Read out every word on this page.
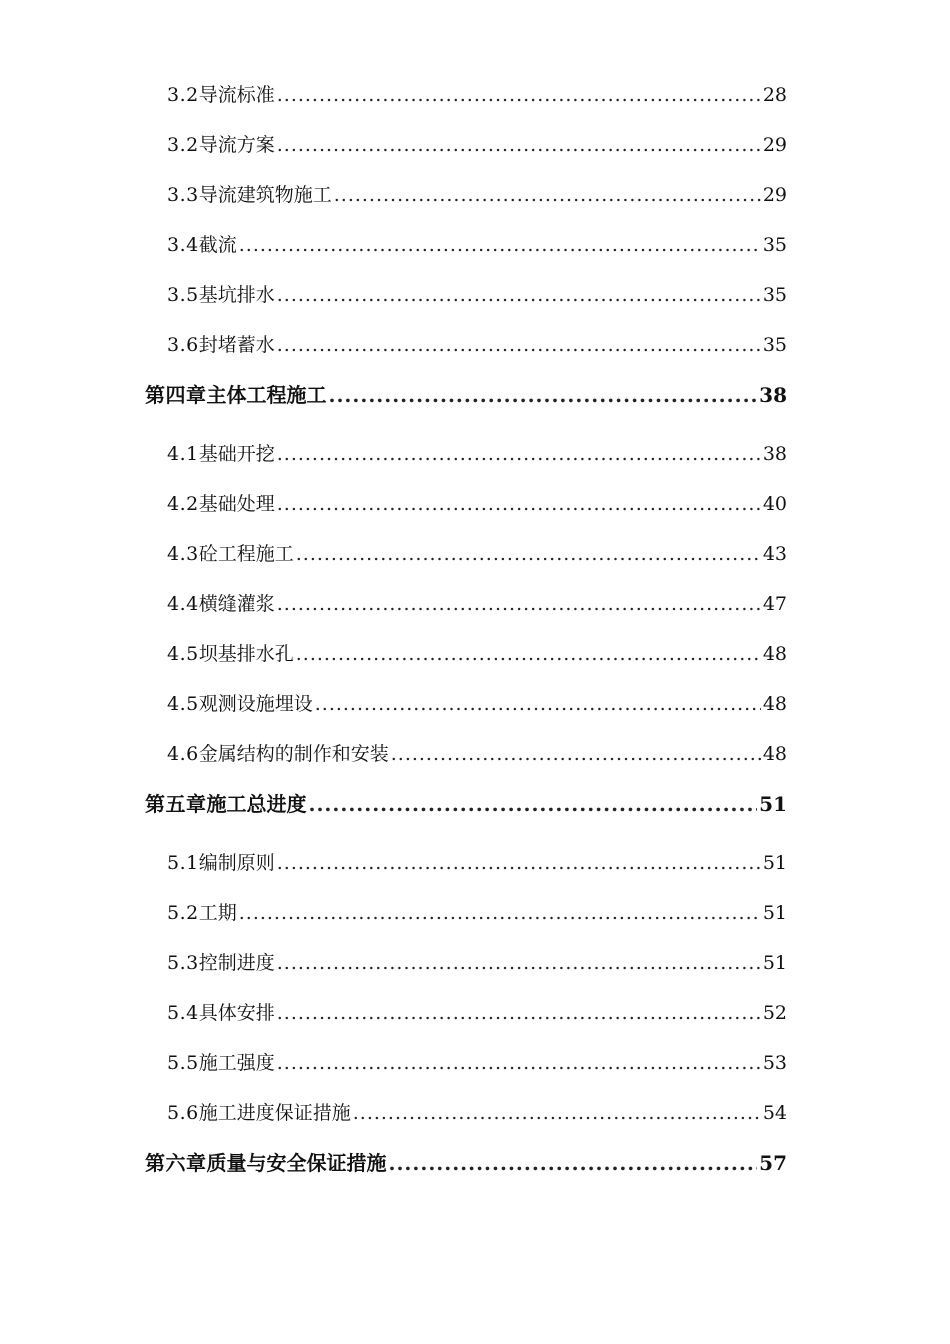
3.2 导流标准 .....	28
3.2 导流方案 .....	29
3.3 导流建筑物施工 .....	29
3.4 截流 .....	35
3.5 基坑排水 .....	35
3.6 封堵蓄水 .....	35
第四章 主体工程施工 .....	38
4.1 基础开挖 .....	38
4.2 基础处理 .....	40
4.3 砼工程施工 .....	43
4.4 横缝灌浆 .....	47
4.5 坝基排水孔 .....	48
4.5 观测设施埋设 .....	48
4.6 金属结构的制作和安装 .....	48
第五章 施工总进度 .....	51
5.1 编制原则 .....	51
5.2 工期 .....	51
5.3 控制进度 .....	51
5.4 具体安排 .....	52
5.5 施工强度 .....	53
5.6 施工进度保证措施 .....	54
第六章 质量与安全保证措施 .....	57
